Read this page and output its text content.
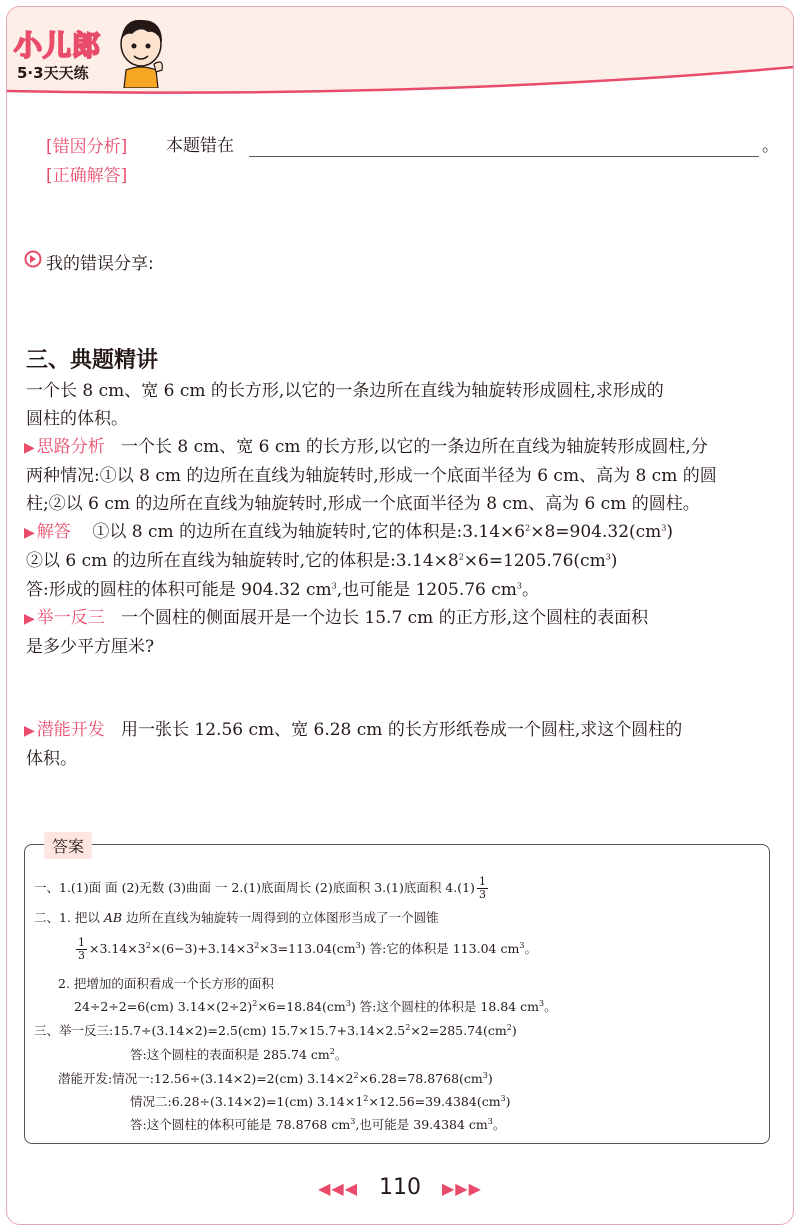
小儿郎
5·3天天练
[错因分析] 本题错在	。
[正确解答]
我的错误分享:
三、典题精讲
一个长 8 cm、宽 6 cm 的长方形,以它的一条边所在直线为轴旋转形成圆柱,求形成的
圆柱的体积。
▶ 思路分析 一个长 8 cm、宽 6 cm 的长方形,以它的一条边所在直线为轴旋转形成圆柱,分
两种情况:①以 8 cm 的边所在直线为轴旋转时,形成一个底面半径为 6 cm、高为 8 cm 的圆
柱;②以 6 cm 的边所在直线为轴旋转时,形成一个底面半径为 8 cm、高为 6 cm 的圆柱。
▶ 解答 ①以 8 cm 的边所在直线为轴旋转时,它的体积是$:3.14\times 6^2\times 8=904.32(cm^3)$
②以 6 cm 的边所在直线为轴旋转时,它的体积是$:3.14\times 8^2\times 6=1205.76(cm^3)$
答:形成的圆柱的体积可能是 904.32 $cm^3$,也可能是 1205.76 $cm^3$。
▶ 举一反三 一个圆柱的侧面展开是一个边长 15.7 cm 的正方形,这个圆柱的表面积
是多少平方厘米?
▶ 潜能开发 用一张长 12.56 cm、宽 6.28 cm 的长方形纸卷成一个圆柱,求这个圆柱的
体积。
答案
一、1.(1)面 面 (2)无数 (3)曲面 一 2.(1)底面周长 (2)底面积 3.(1)底面积 $4.(1) \frac{1}{3}$
二、1. 把以 AB 边所在直线为轴旋转一周得到的立体图形当成了一个圆锥
$\frac{1}{3} \times 3.14\times 3^2\times(6-3)+3.14\times 3^2\times 3=113.04(cm^3)$ 答:它的体积是 113.04 $cm^3$。
2. 把增加的面积看成一个长方形的面积
24÷2÷2=6(cm) $3.14\times(2\div 2)^2\times 6=18.84(cm^3)$ 答:这个圆柱的体积是 18.84 $cm^3$。
三、举一反三:15.7÷(3.14×2)=2.5(cm) $15.7\times 15.7+3.14\times 2.5^2\times 2=285.74(cm^2)$
答:这个圆柱的表面积是 285.74 $cm^2$。
潜能开发:情况一:12.56÷(3.14×2)=2(cm) $3.14\times 2^2\times 6.28=78.8768(cm^3)$
情况二:6.28÷(3.14×2)=1(cm) $3.14\times 1^2\times 12.56=39.4384(cm^3)$
答:这个圆柱的体积可能是 78.8768 $cm^3$,也可能是 39.4384 $cm^3$。
◀◀◀ 110 ▶▶▶
